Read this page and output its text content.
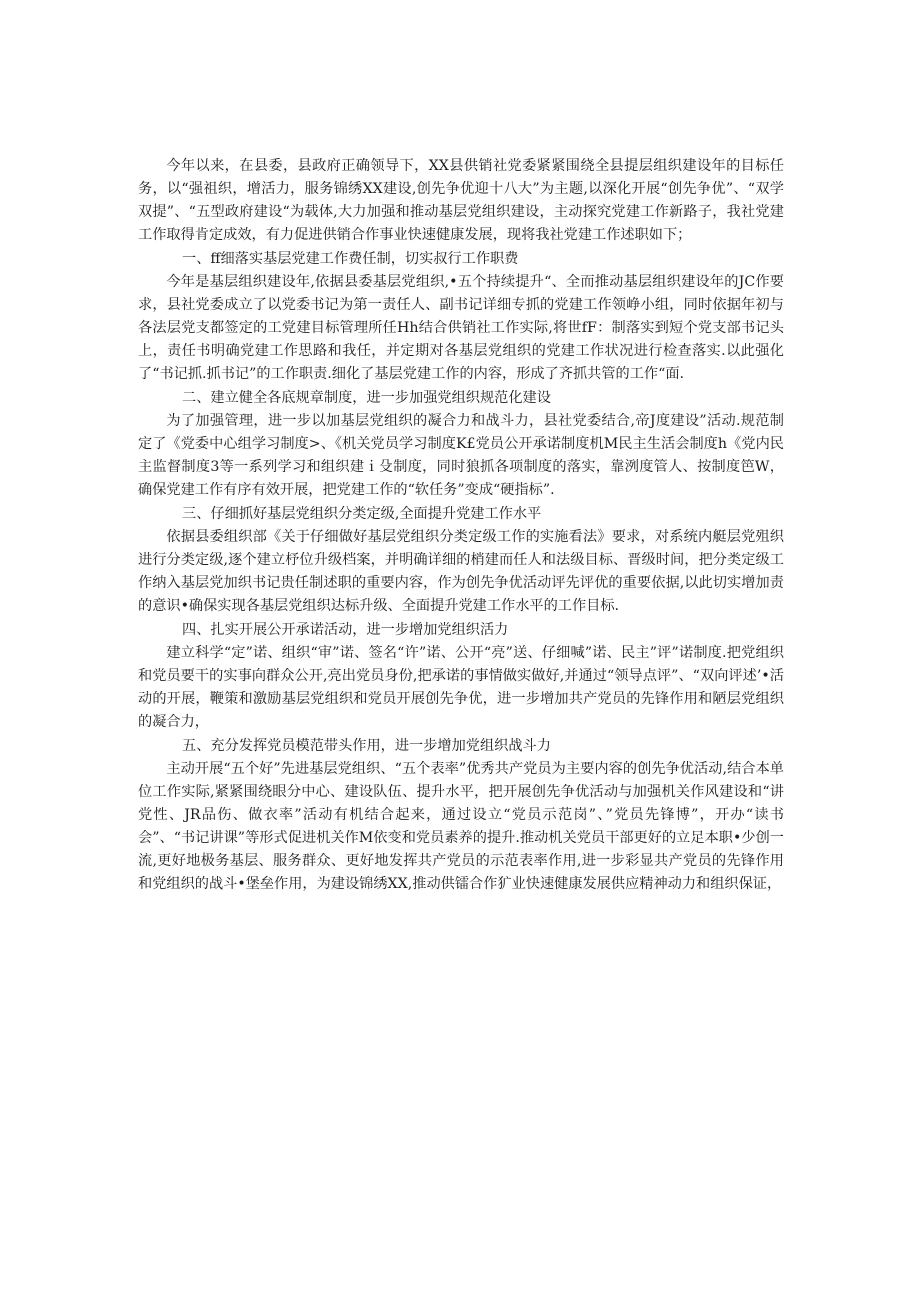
今年以来，在县委，县政府正确领导下，XX县供销社党委紧紧围绕全县提层组织建设年的目标任务，以“强祖织，增活力，服务锦绣XX建设,创先争优迎十八大”为主题,以深化开展“创先争优”、“双学双提”、“五型政府建设“为载体,大力加强和推动基层党组织建设，主动探究党建工作新路子，我社党建工作取得肯定成效，有力促进供销合作事业快速健康发展，现将我社党建工作述职如下；

一、ff细落实基层党建工作费任制，切实叔行工作职费

今年是基层组织建设年,依据县委基层党组织,•五个持续提升“、全而推动基层组织建设年的JC作要求，县社党委成立了以党委书记为第一责任人、副书记详细专抓的党建工作领峥小组，同时依据年初与各法层党支都签定的工党建目标管理所任Hh结合供销社工作实际,将世fF：制落实到短个党支部书记头上，责任书明确党建工作思路和我任，并定期对各基层党组织的党建工作状况进行检查落实.以此强化了“书记抓.抓书记”的工作职责.细化了基层党建工作的内容，形成了齐抓共管的工作“面.

二、建立健全各底规章制度，进一步加强党组织规范化建设

为了加强管理，进一步以加基层党组织的凝合力和战斗力，县社党委结合,帝J度建设”活动.规范制定了《党委中心组学习制度>、《机关党员学习制度K£党员公开承诺制度机M民主生活会制度h《党内民主监督制度3等一系列学习和组织建ｉ殳制度，同时狼抓各项制度的落实，靠洌度管人、按制度笆W，确保党建工作有序有效开展，把党建工作的“软任务”变成“硬指标”.

三、仔细抓好基层党组织分类定级,全面提升党建工作水平

依据县委组织部《关于仔细做好基层党组织分类定级工作的实施看法》要求，对系统内艇层党殂织进行分类定级,逐个建立杼位升级档案，并明确详细的梢建而任人和法级目标、晋级时间，把分类定级工作纳入基层党加织书记贵任制述职的重要内容，作为创先争优活动评先评优的重要依据,以此切实增加责的意识•确保实现各基层党组织达标升级、全面提升党建工作水平的工作目标.

四、扎实开展公开承诺活动，进一步增加党组织活力

建立科学“定”诺、组织“审”诺、签名“许”诺、公开“亮”送、仔细喊”诺、民主”评”诺制度.把党组织和党员要干的实事向群众公开,亮出党员身份,把承诺的事情做实做好,并通过“领导点评”、“双向评述’•活动的开展，鞭策和激励基层党组织和党员开展创先争优，进一步增加共产党员的先锋作用和陋层党组织的凝合力，

五、充分发挥党员模范带头作用，进一步增加党组织战斗力

主动开展“五个好”先进基层党组织、“五个表率”优秀共产党员为主要内容的创先争优活动,结合本单位工作实际,紧紧围绕眼分中心、建设队伍、提升水平，把开展创先争优活动与加强机关作风建设和“讲党性、JR品伤、做衣率”活动有机结合起来，通过设立“党员示范岗”、”党员先锋博”，开办“读书会”、“书记讲课”等形式促进机关作M依变和党员素养的提升.推动机关党员干部更好的立足本职•少创一流,更好地极务基层、服务群众、更好地发挥共产党员的示范表率作用,进一步彩显共产党员的先锋作用和党组织的战斗•堡垒作用，为建设锦绣XX,推动供镭合作犷业快速健康发展供应精神动力和组织保证，
